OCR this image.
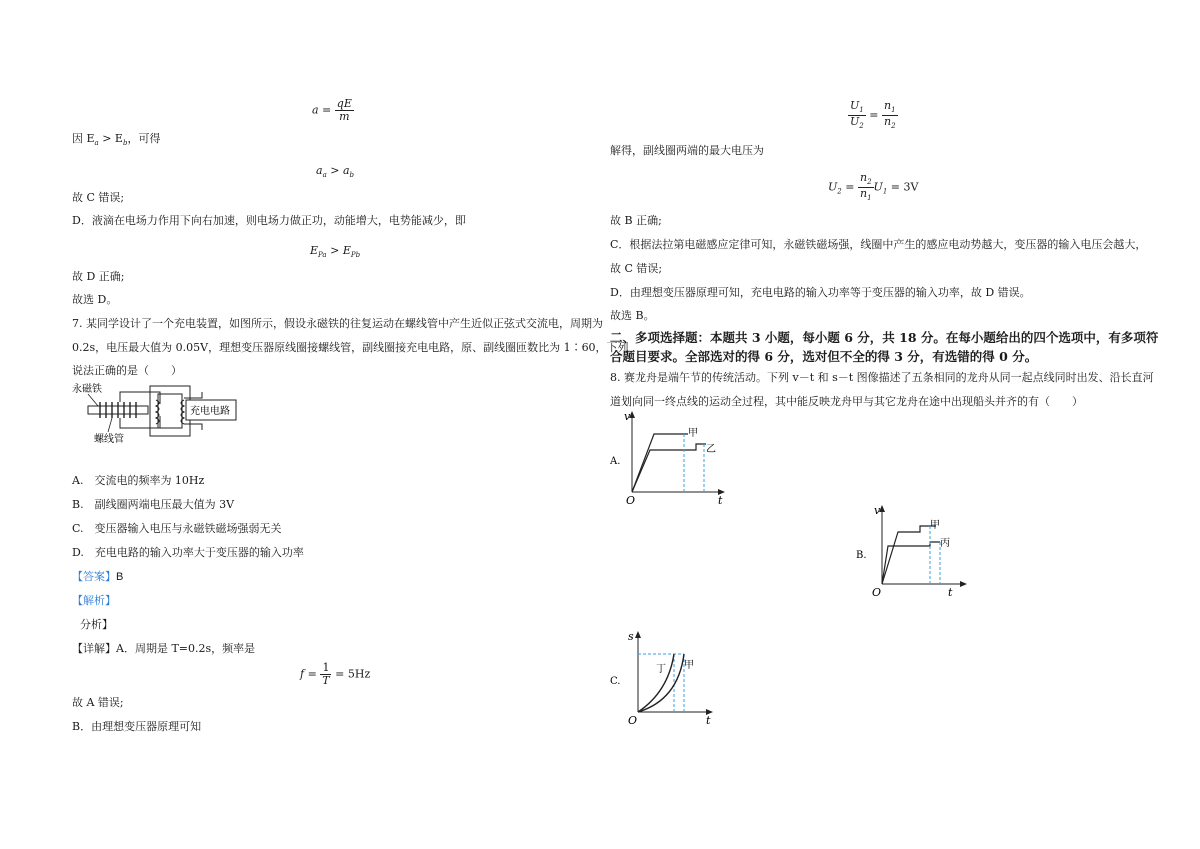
$a = \frac{qE}{m}$
因 $E_a > E_b$，可得
$a_a > a_b$
故 C 错误;
D．液滴在电场力作用下向右加速，则电场力做正功，动能增大，电势能减少，即
$E_{Pa} > E_{Pb}$
故 D 正确;
故选 D。
7. 某同学设计了一个充电装置，如图所示，假设永磁铁的往复运动在螺线管中产生近似正弦式交流电，周期为
0.2s，电压最大值为 0.05V，理想变压器原线圈接螺线管，副线圈接充电电路，原、副线圈匝数比为 1∶60，下列
说法正确的是（　　）
永磁铁
螺线管
充电电路
A.　交流电的频率为 10Hz
B.　副线圈两端电压最大值为 3V
C.　变压器输入电压与永磁铁磁场强弱无关
D.　充电电路的输入功率大于变压器的输入功率
【答案】B
【解析】
分析】
【详解】A．周期是 T=0.2s，频率是
$f = \frac{1}{T} = 5Hz$
故 A 错误;
B．由理想变压器原理可知
$\frac{U_1}{U_2} = \frac{n_1}{n_2}$
解得，副线圈两端的最大电压为
$U_2 = \frac{n_2}{n_1} U_1 = 3V$
故 B 正确;
C．根据法拉第电磁感应定律可知，永磁铁磁场强，线圈中产生的感应电动势越大，变压器的输入电压会越大，
故 C 错误;
D．由理想变压器原理可知，充电电路的输入功率等于变压器的输入功率，故 D 错误。
故选 B。
二、多项选择题：本题共 3 小题，每小题 6 分，共 18 分。在每小题给出的四个选项中，有多项符
合题目要求。全部选对的得 6 分，选对但不全的得 3 分，有选错的得 0 分。
8. 赛龙舟是端午节的传统活动。下列 v－t 和 s－t 图像描述了五条相同的龙舟从同一起点线同时出发、沿长直河
道划向同一终点线的运动全过程，其中能反映龙舟甲与其它龙舟在途中出现船头并齐的有（　　）
A.
v
t
O
甲
乙
B.
v
t
O
甲
丙
C.
s
t
O
丁 甲
